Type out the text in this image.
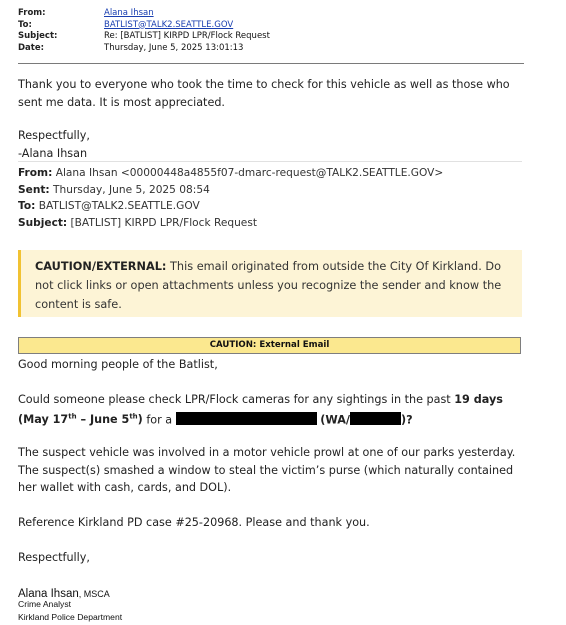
From:	Alana Ihsan
To:	BATLIST@TALK2.SEATTLE.GOV
Subject:	Re: [BATLIST] KIRPD LPR/Flock Request
Date:	Thursday, June 5, 2025 13:01:13
Thank you to everyone who took the time to check for this vehicle as well as those who sent me data. It is most appreciated.
Respectfully,
-Alana Ihsan
From: Alana Ihsan <00000448a4855f07-dmarc-request@TALK2.SEATTLE.GOV>
Sent: Thursday, June 5, 2025 08:54
To: BATLIST@TALK2.SEATTLE.GOV
Subject: [BATLIST] KIRPD LPR/Flock Request
CAUTION/EXTERNAL: This email originated from outside the City Of Kirkland. Do not click links or open attachments unless you recognize the sender and know the content is safe.
CAUTION: External Email
Good morning people of the Batlist,
Could someone please check LPR/Flock cameras for any sightings in the past 19 days (May 17th – June 5th) for a	(WA/	)?
The suspect vehicle was involved in a motor vehicle prowl at one of our parks yesterday. The suspect(s) smashed a window to steal the victim’s purse (which naturally contained her wallet with cash, cards, and DOL).
Reference Kirkland PD case #25-20968. Please and thank you.
Respectfully,
Alana Ihsan, MSCA
Crime Analyst
Kirkland Police Department
